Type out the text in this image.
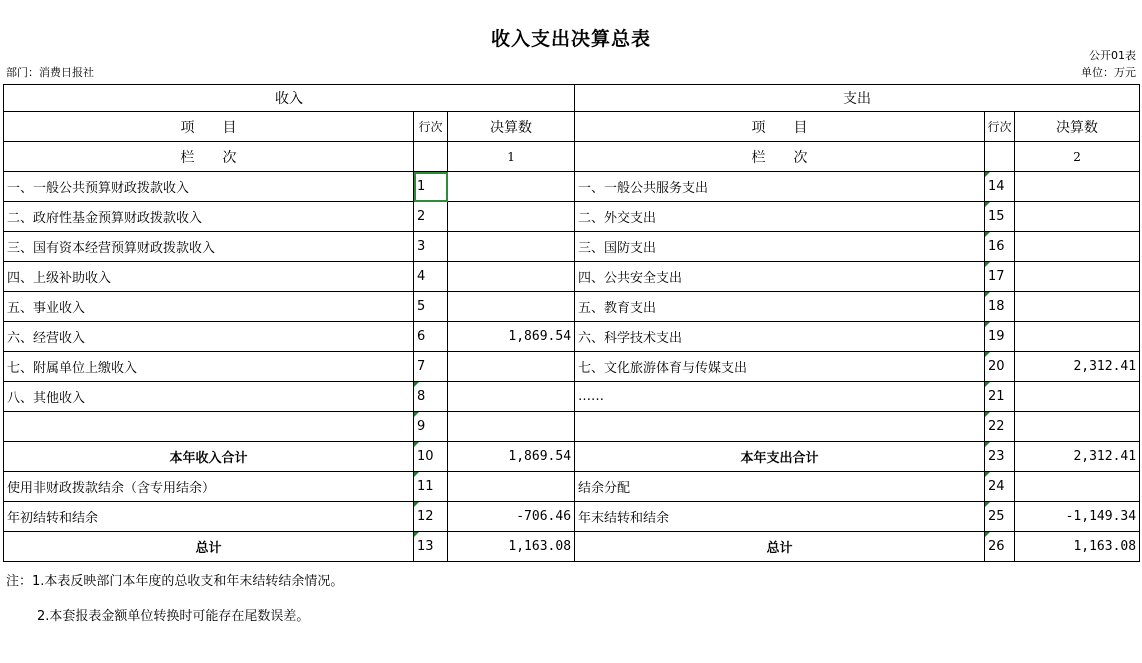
收入支出决算总表
公开01表
部门：消费日报社	单位：万元
收入			支出		
项　　目	行次	决算数	项　　目	行次	决算数
栏　　次		1	栏　　次		2
一、一般公共预算财政拨款收入	1		一、一般公共服务支出	14	
二、政府性基金预算财政拨款收入	2		二、外交支出	15	
三、国有资本经营预算财政拨款收入	3		三、国防支出	16	
四、上级补助收入	4		四、公共安全支出	17	
五、事业收入	5		五、教育支出	18	
六、经营收入	6	1,869.54	六、科学技术支出	19	
七、附属单位上缴收入	7		七、文化旅游体育与传媒支出	20	2,312.41
八、其他收入	8		……	21	
	9			22	
本年收入合计	10	1,869.54	本年支出合计	23	2,312.41
使用非财政拨款结余（含专用结余）	11		结余分配	24	
年初结转和结余	12	-706.46	年末结转和结余	25	-1,149.34
总计	13	1,163.08	总计	26	1,163.08
注：1.本表反映部门本年度的总收支和年末结转结余情况。
2.本套报表金额单位转换时可能存在尾数误差。
